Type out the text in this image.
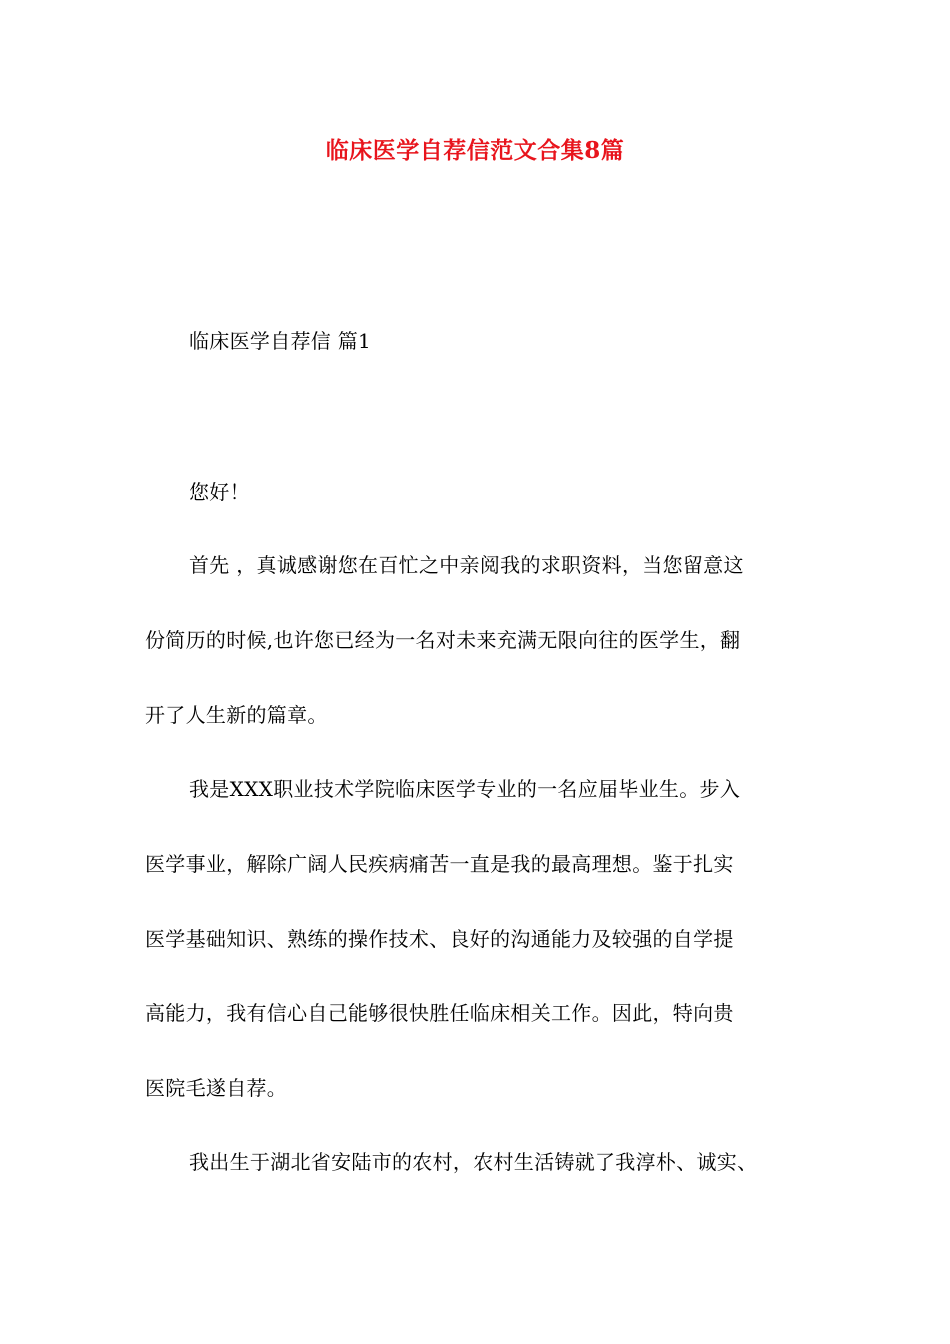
临床医学自荐信范文合集8篇
临床医学自荐信 篇1
您好！
首先 ，真诚感谢您在百忙之中亲阅我的求职资料，当您留意这
份简历的时候,也许您已经为一名对未来充满无限向往的医学生，翻
开了人生新的篇章。
我是XXX职业技术学院临床医学专业的一名应届毕业生。步入
医学事业，解除广阔人民疾病痛苦一直是我的最高理想。鉴于扎实
医学基础知识、熟练的操作技术、良好的沟通能力及较强的自学提
高能力，我有信心自己能够很快胜任临床相关工作。因此，特向贵
医院毛遂自荐。
我出生于湖北省安陆市的农村，农村生活铸就了我淳朴、诚实、
